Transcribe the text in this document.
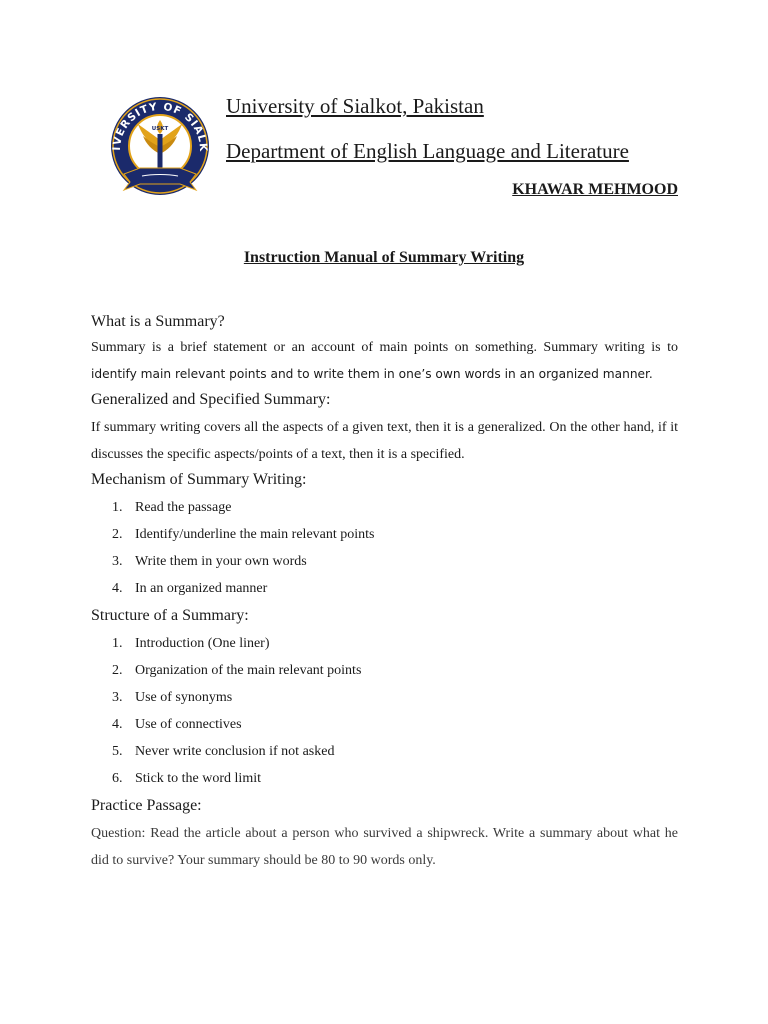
IVERSITY OF SIALK
USKT
University of Sialkot, Pakistan
Department of English Language and Literature
KHAWAR MEHMOOD
Instruction Manual of Summary Writing
What is a Summary?

Summary is a brief statement or an account of main points on something. Summary writing is to identify main relevant points and to write them in one’s own words in an organized manner.

Generalized and Specified Summary:

If summary writing covers all the aspects of a given text, then it is a generalized. On the other hand, if it discusses the specific aspects/points of a text, then it is a specified.

Mechanism of Summary Writing:
1. Read the passage
2. Identify/underline the main relevant points
3. Write them in your own words
4. In an organized manner
Structure of a Summary:
1. Introduction (One liner)
2. Organization of the main relevant points
3. Use of synonyms
4. Use of connectives
5. Never write conclusion if not asked
6. Stick to the word limit
Practice Passage:

Question: Read the article about a person who survived a shipwreck. Write a summary about what he did to survive? Your summary should be 80 to 90 words only.
